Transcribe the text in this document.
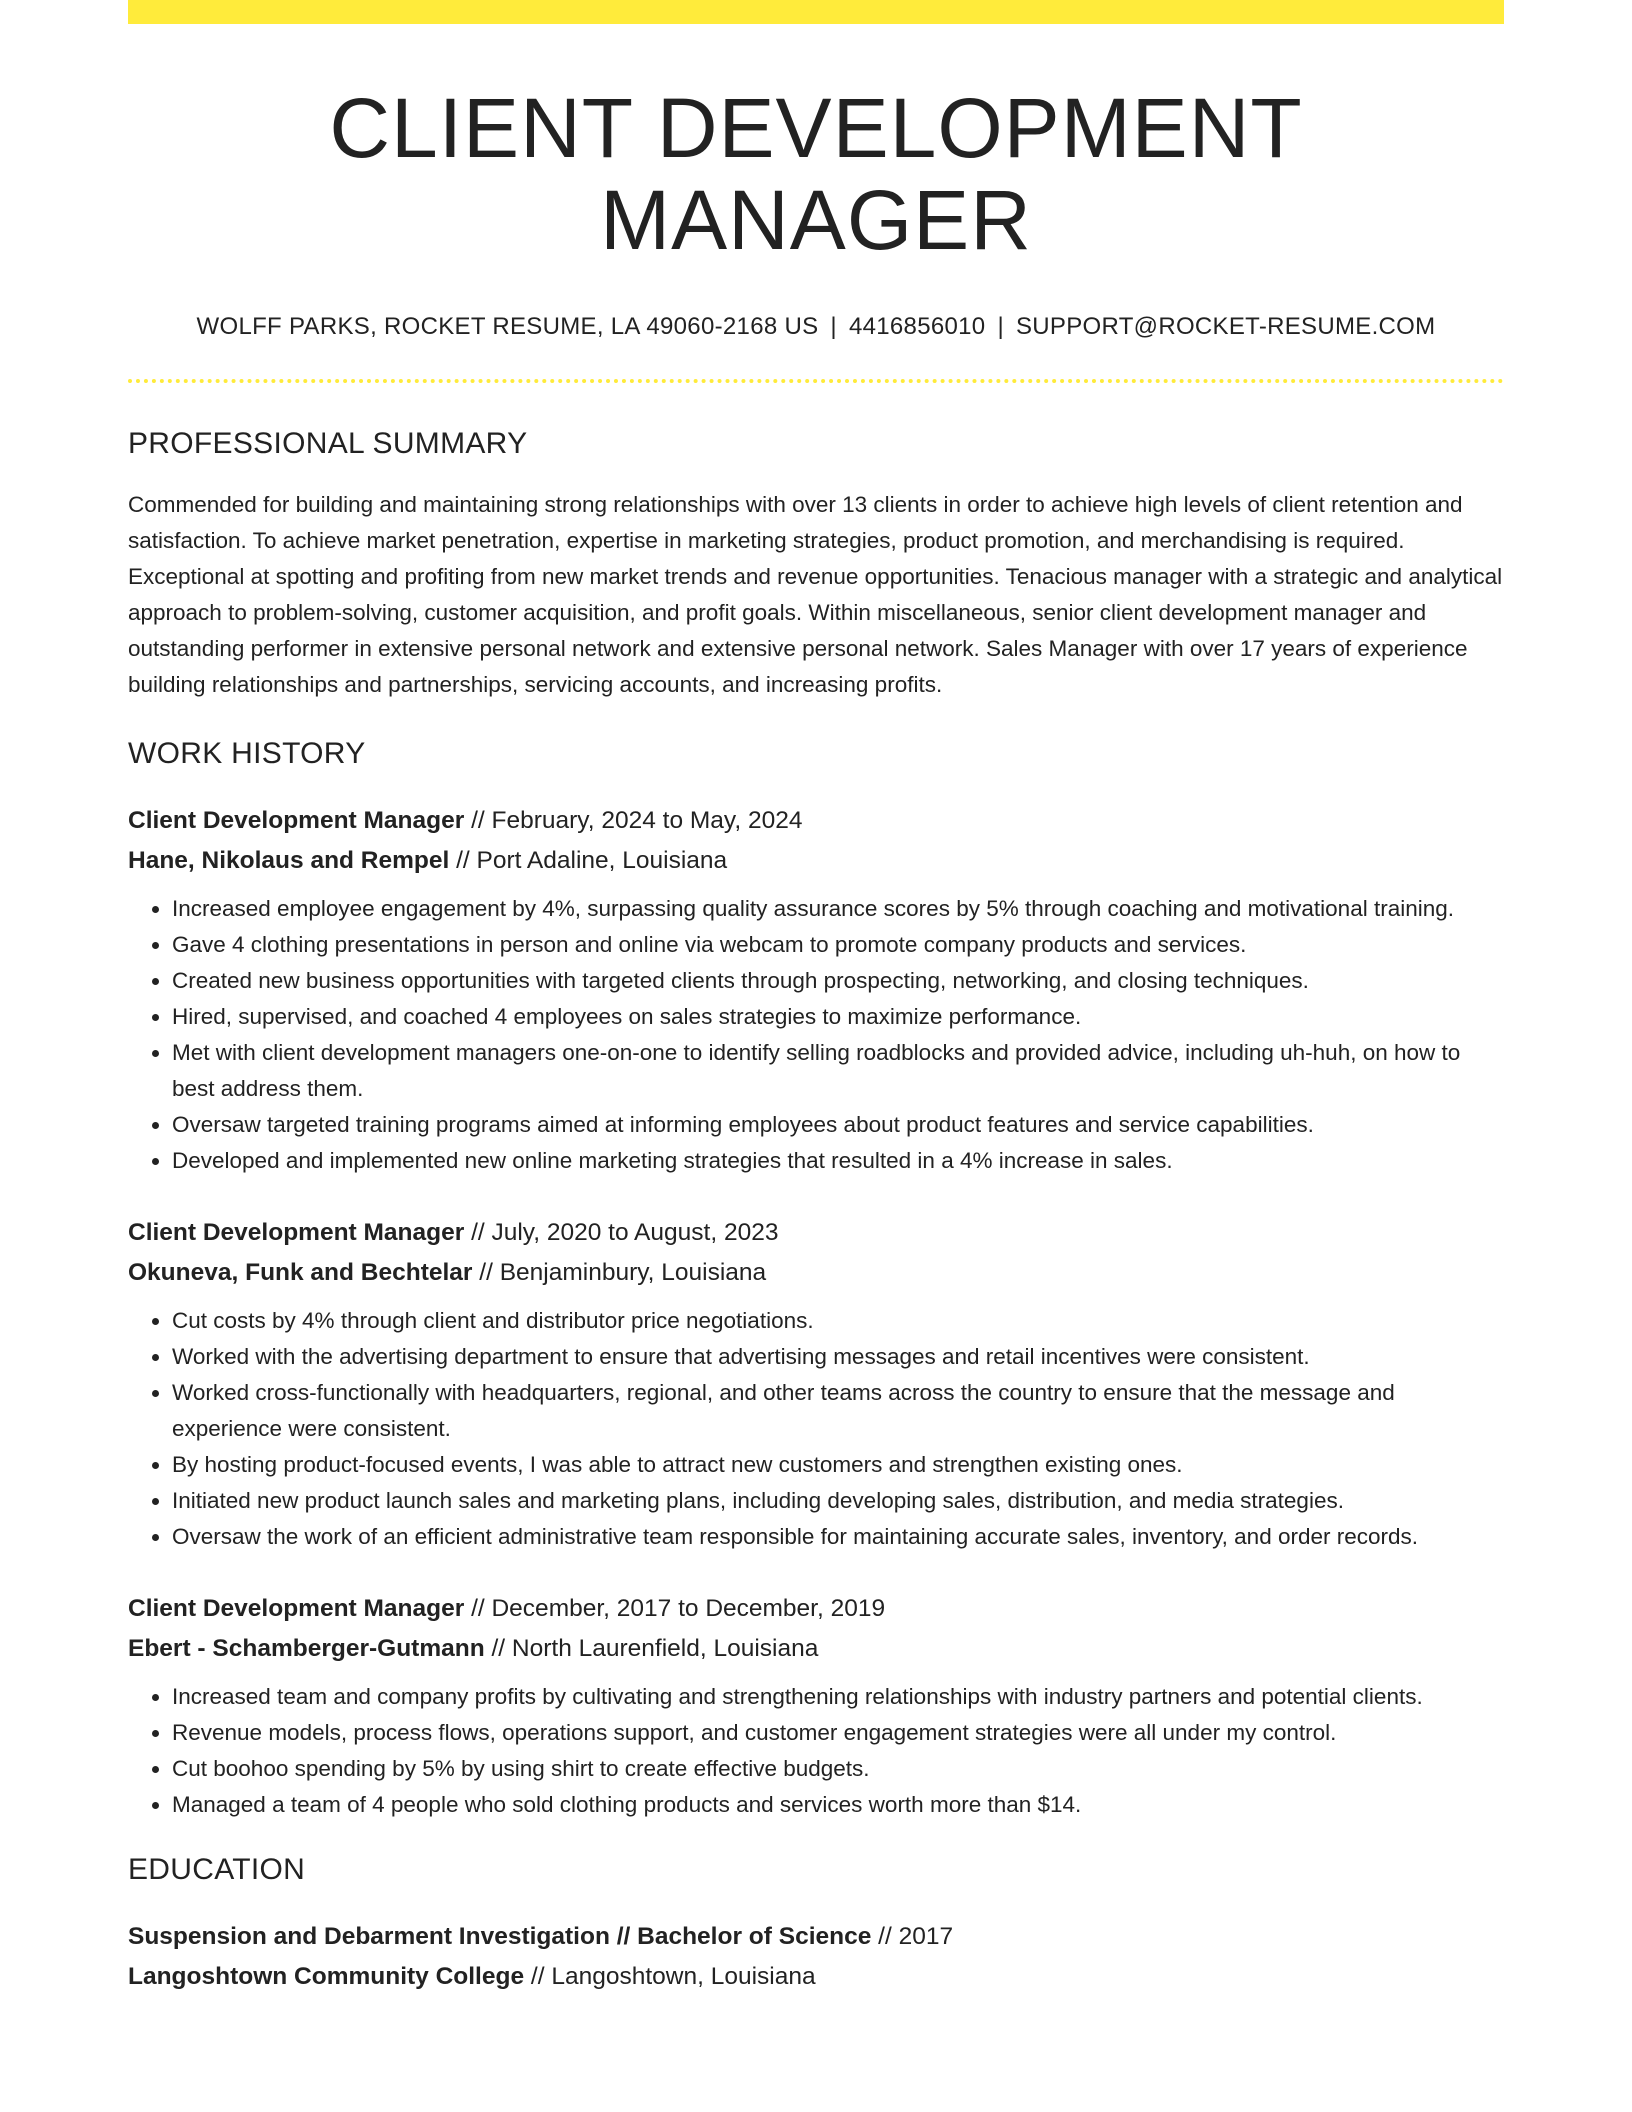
CLIENT DEVELOPMENT MANAGER
WOLFF PARKS, ROCKET RESUME, LA 49060-2168 US | 4416856010 | SUPPORT@ROCKET-RESUME.COM
PROFESSIONAL SUMMARY
Commended for building and maintaining strong relationships with over 13 clients in order to achieve high levels of client retention and satisfaction. To achieve market penetration, expertise in marketing strategies, product promotion, and merchandising is required. Exceptional at spotting and profiting from new market trends and revenue opportunities. Tenacious manager with a strategic and analytical approach to problem-solving, customer acquisition, and profit goals. Within miscellaneous, senior client development manager and outstanding performer in extensive personal network and extensive personal network. Sales Manager with over 17 years of experience building relationships and partnerships, servicing accounts, and increasing profits.
WORK HISTORY
Client Development Manager // February, 2024 to May, 2024
Hane, Nikolaus and Rempel // Port Adaline, Louisiana
• Increased employee engagement by 4%, surpassing quality assurance scores by 5% through coaching and motivational training.
• Gave 4 clothing presentations in person and online via webcam to promote company products and services.
• Created new business opportunities with targeted clients through prospecting, networking, and closing techniques.
• Hired, supervised, and coached 4 employees on sales strategies to maximize performance.
• Met with client development managers one-on-one to identify selling roadblocks and provided advice, including uh-huh, on how to best address them.
• Oversaw targeted training programs aimed at informing employees about product features and service capabilities.
• Developed and implemented new online marketing strategies that resulted in a 4% increase in sales.
Client Development Manager // July, 2020 to August, 2023
Okuneva, Funk and Bechtelar // Benjaminbury, Louisiana
• Cut costs by 4% through client and distributor price negotiations.
• Worked with the advertising department to ensure that advertising messages and retail incentives were consistent.
• Worked cross-functionally with headquarters, regional, and other teams across the country to ensure that the message and experience were consistent.
• By hosting product-focused events, I was able to attract new customers and strengthen existing ones.
• Initiated new product launch sales and marketing plans, including developing sales, distribution, and media strategies.
• Oversaw the work of an efficient administrative team responsible for maintaining accurate sales, inventory, and order records.
Client Development Manager // December, 2017 to December, 2019
Ebert - Schamberger-Gutmann // North Laurenfield, Louisiana
• Increased team and company profits by cultivating and strengthening relationships with industry partners and potential clients.
• Revenue models, process flows, operations support, and customer engagement strategies were all under my control.
• Cut boohoo spending by 5% by using shirt to create effective budgets.
• Managed a team of 4 people who sold clothing products and services worth more than $14.
EDUCATION
Suspension and Debarment Investigation // Bachelor of Science // 2017
Langoshtown Community College // Langoshtown, Louisiana
